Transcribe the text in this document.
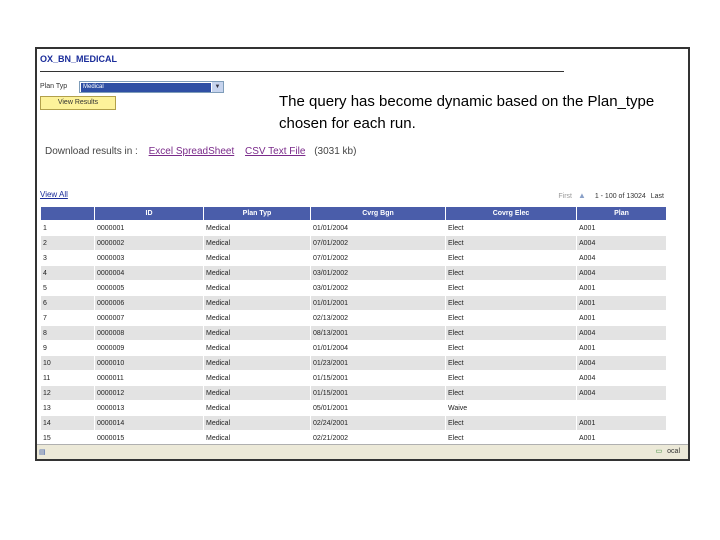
OX_BN_MEDICAL
Plan Typ	Medical	▼
View Results	The query has become dynamic based on the Plan_type chosen for each run.
Download results in : Excel SpreadSheet CSV Text File (3031 kb)
View All	First ▲ 1 - 100 of 13024 Last
	ID	Plan Typ	Cvrg Bgn	Covrg Elec	Plan
1	0000001	Medical	01/01/2004	Elect	A001
2	0000002	Medical	07/01/2002	Elect	A004
3	0000003	Medical	07/01/2002	Elect	A004
4	0000004	Medical	03/01/2002	Elect	A004
5	0000005	Medical	03/01/2002	Elect	A001
6	0000006	Medical	01/01/2001	Elect	A001
7	0000007	Medical	02/13/2002	Elect	A001
8	0000008	Medical	08/13/2001	Elect	A004
9	0000009	Medical	01/01/2004	Elect	A001
10	0000010	Medical	01/23/2001	Elect	A004
11	0000011	Medical	01/15/2001	Elect	A004
12	0000012	Medical	01/15/2001	Elect	A004
13	0000013	Medical	05/01/2001	Waive	
14	0000014	Medical	02/24/2001	Elect	A001
15	0000015	Medical	02/21/2002	Elect	A001
▤	▭ ocal
